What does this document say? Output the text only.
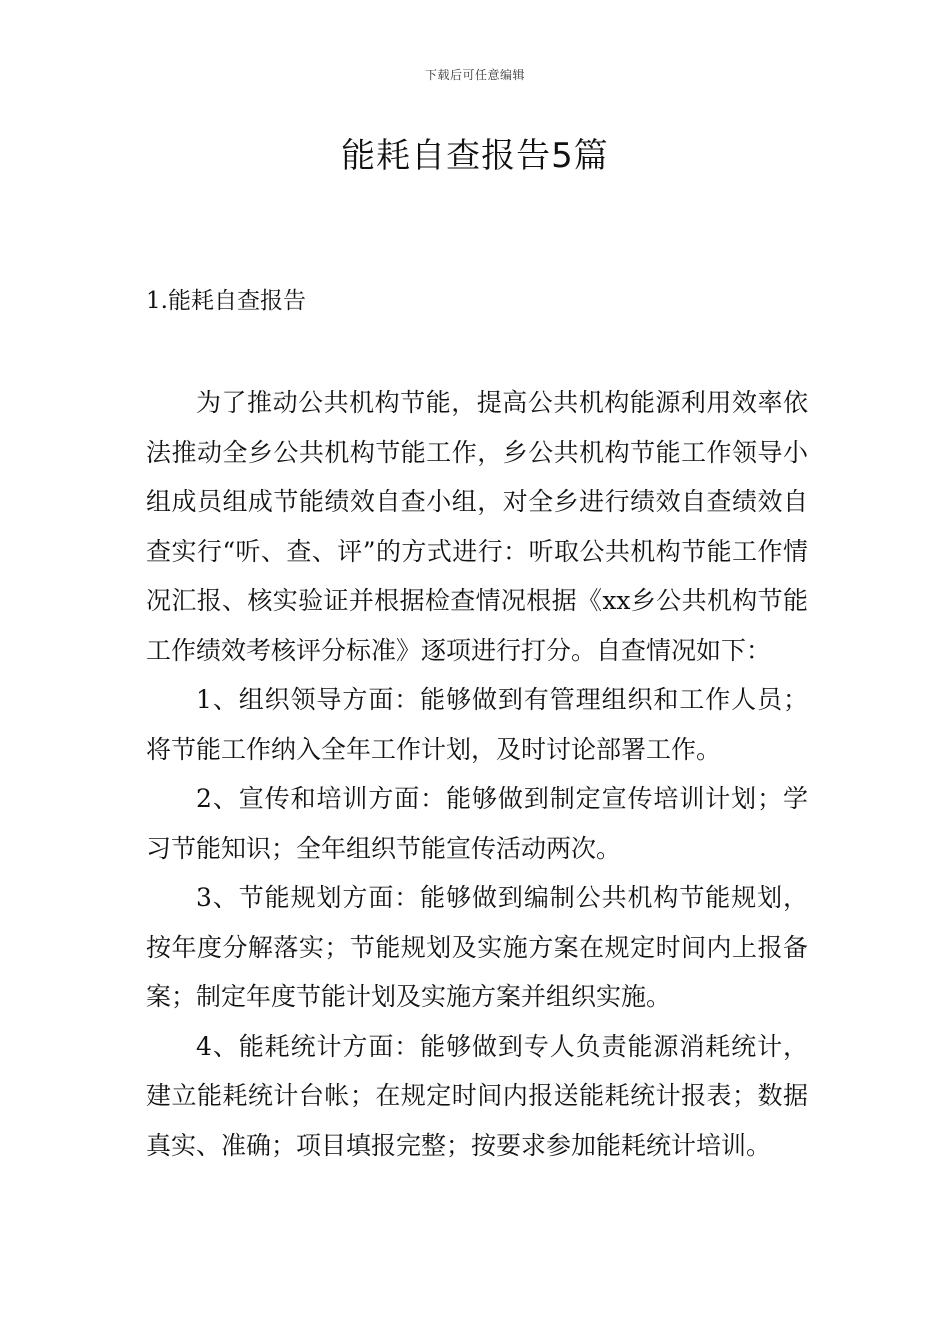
下载后可任意编辑
能耗自查报告5篇
1.能耗自查报告

为了推动公共机构节能，提高公共机构能源利用效率依法推动全乡公共机构节能工作，乡公共机构节能工作领导小组成员组成节能绩效自查小组，对全乡进行绩效自查绩效自查实行“听、查、评”的方式进行：听取公共机构节能工作情况汇报、核实验证并根据检查情况根据《xx乡公共机构节能工作绩效考核评分标准》逐项进行打分。自查情况如下：

1、组织领导方面：能够做到有管理组织和工作人员；将节能工作纳入全年工作计划，及时讨论部署工作。

2、宣传和培训方面：能够做到制定宣传培训计划；学习节能知识；全年组织节能宣传活动两次。

3、节能规划方面：能够做到编制公共机构节能规划，按年度分解落实；节能规划及实施方案在规定时间内上报备案；制定年度节能计划及实施方案并组织实施。

4、能耗统计方面：能够做到专人负责能源消耗统计，建立能耗统计台帐；在规定时间内报送能耗统计报表；数据真实、准确；项目填报完整；按要求参加能耗统计培训。
